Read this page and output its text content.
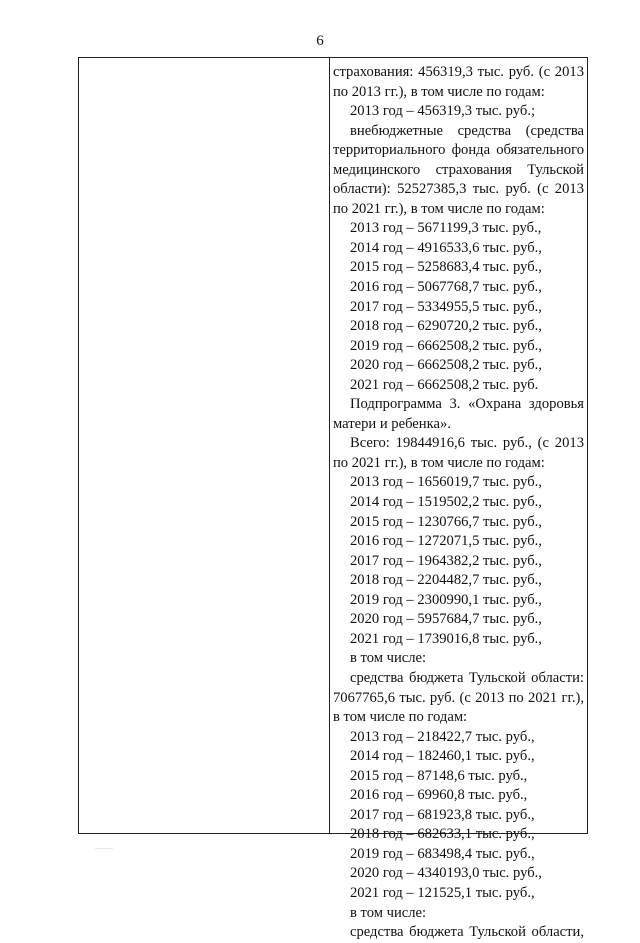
6
страхования: 456319,3 тыс. руб. (с 2013
по 2013 гг.), в том числе по годам:
2013 год – 456319,3 тыс. руб.;
внебюджетные средства (средства
территориального фонда обязательного
медицинского страхования Тульской
области): 52527385,3 тыс. руб. (с 2013
по 2021 гг.), в том числе по годам:
2013 год – 5671199,3 тыс. руб.,
2014 год – 4916533,6 тыс. руб.,
2015 год – 5258683,4 тыс. руб.,
2016 год – 5067768,7 тыс. руб.,
2017 год – 5334955,5 тыс. руб.,
2018 год – 6290720,2 тыс. руб.,
2019 год – 6662508,2 тыс. руб.,
2020 год – 6662508,2 тыс. руб.,
2021 год – 6662508,2 тыс. руб.
Подпрограмма 3. «Охрана здоровья
матери и ребенка».
Всего: 19844916,6 тыс. руб., (с 2013
по 2021 гг.), в том числе по годам:
2013 год – 1656019,7 тыс. руб.,
2014 год – 1519502,2 тыс. руб.,
2015 год – 1230766,7 тыс. руб.,
2016 год – 1272071,5 тыс. руб.,
2017 год – 1964382,2 тыс. руб.,
2018 год – 2204482,7 тыс. руб.,
2019 год – 2300990,1 тыс. руб.,
2020 год – 5957684,7 тыс. руб.,
2021 год – 1739016,8 тыс. руб.,
в том числе:
средства бюджета Тульской области:
7067765,6 тыс. руб. (с 2013 по 2021 гг.),
в том числе по годам:
2013 год – 218422,7 тыс. руб.,
2014 год – 182460,1 тыс. руб.,
2015 год – 87148,6 тыс. руб.,
2016 год – 69960,8 тыс. руб.,
2017 год – 681923,8 тыс. руб.,
2018 год – 682633,1 тыс. руб.,
2019 год – 683498,4 тыс. руб.,
2020 год – 4340193,0 тыс. руб.,
2021 год – 121525,1 тыс. руб.,
в том числе:
средства бюджета Тульской области,
